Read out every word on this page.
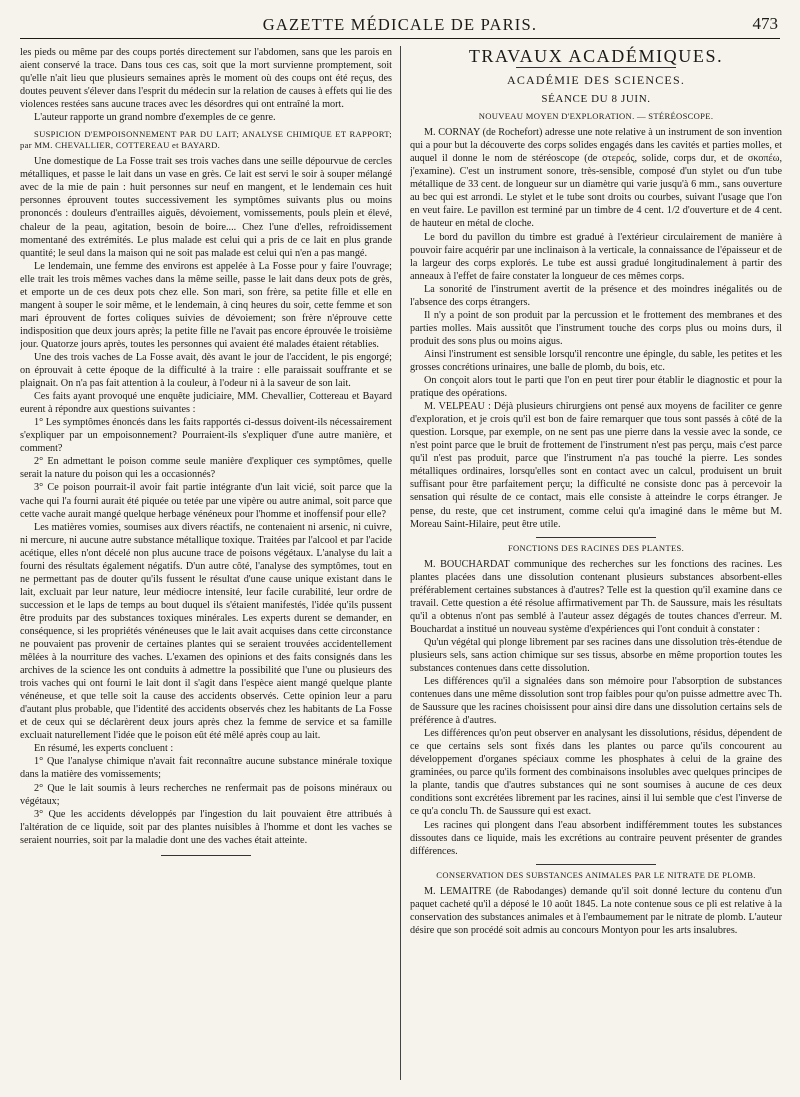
GAZETTE MÉDICALE DE PARIS.	473

les pieds ou même par des coups portés directement sur l'abdomen, sans que les parois en aient conservé la trace. Dans tous ces cas, soit que la mort survienne promptement, soit qu'elle n'ait lieu que plusieurs semaines après le moment où des coups ont été reçus, des doutes peuvent s'élever dans l'esprit du médecin sur la relation de causes à effets qui lie des violences restées sans aucune traces avec les désordres qui ont entraîné la mort.

L'auteur rapporte un grand nombre d'exemples de ce genre.

SUSPICION D'EMPOISONNEMENT PAR DU LAIT; ANALYSE CHIMIQUE ET RAPPORT; par MM. CHEVALLIER, COTTEREAU et BAYARD.

Une domestique de La Fosse trait ses trois vaches dans une seille dépourvue de cercles métalliques, et passe le lait dans un vase en grès. Ce lait est servi le soir à souper mélangé avec de la mie de pain : huit personnes sur neuf en mangent, et le lendemain ces huit personnes éprouvent toutes successivement les symptômes suivants plus ou moins prononcés : douleurs d'entrailles aiguës, dévoiement, vomissements, pouls plein et élevé, chaleur de la peau, agitation, besoin de boire.... Chez l'une d'elles, refroidissement momentané des extrémités. Le plus malade est celui qui a pris de ce lait en plus grande quantité; le seul dans la maison qui ne soit pas malade est celui qui n'en a pas mangé.

Le lendemain, une femme des environs est appelée à La Fosse pour y faire l'ouvrage; elle trait les trois mêmes vaches dans la même seille, passe le lait dans deux pots de grès, et emporte un de ces deux pots chez elle. Son mari, son frère, sa petite fille et elle en mangent à souper le soir même, et le lendemain, à cinq heures du soir, cette femme et son mari éprouvent de fortes coliques suivies de dévoiement; son frère n'éprouve cette indisposition que deux jours après; la petite fille ne l'avait pas encore éprouvée le troisième jour. Quatorze jours après, toutes les personnes qui avaient été malades étaient rétablies.

Une des trois vaches de La Fosse avait, dès avant le jour de l'accident, le pis engorgé; on éprouvait à cette époque de la difficulté à la traire : elle paraissait souffrante et se plaignait. On n'a pas fait attention à la couleur, à l'odeur ni à la saveur de son lait.

Ces faits ayant provoqué une enquête judiciaire, MM. Chevallier, Cottereau et Bayard eurent à répondre aux questions suivantes :

1° Les symptômes énoncés dans les faits rapportés ci-dessus doivent-ils nécessairement s'expliquer par un empoisonnement? Pourraient-ils s'expliquer d'une autre manière, et comment?

2° En admettant le poison comme seule manière d'expliquer ces symptômes, quelle serait la nature du poison qui les a occasionnés?

3° Ce poison pourrait-il avoir fait partie intégrante d'un lait vicié, soit parce que la vache qui l'a fourni aurait été piquée ou tetée par une vipère ou autre animal, soit parce que cette vache aurait mangé quelque herbage vénéneux pour l'homme et inoffensif pour elle?

Les matières vomies, soumises aux divers réactifs, ne contenaient ni arsenic, ni cuivre, ni mercure, ni aucune autre substance métallique toxique. Traitées par l'alcool et par l'acide acétique, elles n'ont décelé non plus aucune trace de poisons végétaux. L'analyse du lait a fourni des résultats également négatifs. D'un autre côté, l'analyse des symptômes, tout en ne permettant pas de douter qu'ils fussent le résultat d'une cause unique existant dans le lait, excluait par leur nature, leur médiocre intensité, leur facile curabilité, leur ordre de succession et le laps de temps au bout duquel ils s'étaient manifestés, l'idée qu'ils pussent être produits par des substances toxiques minérales. Les experts durent se demander, en conséquence, si les propriétés vénéneuses que le lait avait acquises dans cette circonstance ne pouvaient pas provenir de certaines plantes qui se seraient trouvées accidentellement mêlées à la nourriture des vaches. L'examen des opinions et des faits consignés dans les archives de la science les ont conduits à admettre la possibilité que l'une ou plusieurs des trois vaches qui ont fourni le lait dont il s'agit dans l'espèce aient mangé quelque plante vénéneuse, et que telle soit la cause des accidents observés. Cette opinion leur a paru d'autant plus probable, que l'identité des accidents observés chez les habitants de La Fosse et de ceux qui se déclarèrent deux jours après chez la femme de service et sa famille excluait naturellement l'idée que le poison eût été mêlé après coup au lait.

En résumé, les experts concluent :

1° Que l'analyse chimique n'avait fait reconnaître aucune substance minérale toxique dans la matière des vomissements;

2° Que le lait soumis à leurs recherches ne renfermait pas de poisons minéraux ou végétaux;

3° Que les accidents développés par l'ingestion du lait pouvaient être attribués à l'altération de ce liquide, soit par des plantes nuisibles à l'homme et dont les vaches se seraient nourries, soit par la maladie dont une des vaches était atteinte.

TRAVAUX ACADÉMIQUES.
ACADÉMIE DES SCIENCES.
SÉANCE DU 8 JUIN.
NOUVEAU MOYEN D'EXPLORATION. — STÉRÉOSCOPE.

M. CORNAY (de Rochefort) adresse une note relative à un instrument de son invention qui a pour but la découverte des corps solides engagés dans les cavités et parties molles, et auquel il donne le nom de stéréoscope (de στερεός, solide, corps dur, et de σκοπέω, j'examine). C'est un instrument sonore, très-sensible, composé d'un stylet ou d'un tube métallique de 33 cent. de longueur sur un diamètre qui varie jusqu'à 6 mm., sans ouverture au bec qui est arrondi. Le stylet et le tube sont droits ou courbes, suivant l'usage que l'on en veut faire. Le pavillon est terminé par un timbre de 4 cent. 1/2 d'ouverture et de 4 cent. de hauteur en métal de cloche.

Le bord du pavillon du timbre est gradué à l'extérieur circulairement de manière à pouvoir faire acquérir par une inclinaison à la verticale, la connaissance de l'épaisseur et de la largeur des corps explorés. Le tube est aussi gradué longitudinalement à partir des anneaux à l'effet de faire constater la longueur de ces mêmes corps.

La sonorité de l'instrument avertit de la présence et des moindres inégalités ou de l'absence des corps étrangers.

Il n'y a point de son produit par la percussion et le frottement des membranes et des parties molles. Mais aussitôt que l'instrument touche des corps plus ou moins durs, il produit des sons plus ou moins aigus.

Ainsi l'instrument est sensible lorsqu'il rencontre une épingle, du sable, les petites et les grosses concrétions urinaires, une balle de plomb, du bois, etc.

On conçoit alors tout le parti que l'on en peut tirer pour établir le diagnostic et pour la pratique des opérations.

M. VELPEAU : Déjà plusieurs chirurgiens ont pensé aux moyens de faciliter ce genre d'exploration, et je crois qu'il est bon de faire remarquer que tous sont passés à côté de la question. Lorsque, par exemple, on ne sent pas une pierre dans la vessie avec la sonde, ce n'est point parce que le bruit de frottement de l'instrument n'est pas perçu, mais c'est parce qu'il n'est pas produit, parce que l'instrument n'a pas touché la pierre. Les sondes métalliques ordinaires, lorsqu'elles sont en contact avec un calcul, produisent un bruit suffisant pour être parfaitement perçu; la difficulté ne consiste donc pas à percevoir la sensation qui résulte de ce contact, mais elle consiste à atteindre le corps étranger. Je pense, du reste, que cet instrument, comme celui qu'a imaginé dans le même but M. Moreau Saint-Hilaire, peut être utile.

FONCTIONS DES RACINES DES PLANTES.

M. BOUCHARDAT communique des recherches sur les fonctions des racines. Les plantes placées dans une dissolution contenant plusieurs substances absorbent-elles préférablement certaines substances à d'autres? Telle est la question qu'il examine dans ce travail. Cette question a été résolue affirmativement par Th. de Saussure, mais les résultats qu'il a obtenus n'ont pas semblé à l'auteur assez dégagés de toutes chances d'erreur. M. Bouchardat a institué un nouveau système d'expériences qui l'ont conduit à constater :

Qu'un végétal qui plonge librement par ses racines dans une dissolution très-étendue de plusieurs sels, sans action chimique sur ses tissus, absorbe en même proportion toutes les substances contenues dans cette dissolution.

Les différences qu'il a signalées dans son mémoire pour l'absorption de substances contenues dans une même dissolution sont trop faibles pour qu'on puisse admettre avec Th. de Saussure que les racines choisissent pour ainsi dire dans une dissolution certains sels de préférence à d'autres.

Les différences qu'on peut observer en analysant les dissolutions, résidus, dépendent de ce que certains sels sont fixés dans les plantes ou parce qu'ils concourent au développement d'organes spéciaux comme les phosphates à celui de la graine des graminées, ou parce qu'ils forment des combinaisons insolubles avec quelques principes de la plante, tandis que d'autres substances qui ne sont soumises à aucune de ces deux conditions sont excrétées librement par les racines, ainsi il lui semble que c'est l'inverse de ce qu'a conclu Th. de Saussure qui est exact.

Les racines qui plongent dans l'eau absorbent indifféremment toutes les substances dissoutes dans ce liquide, mais les excrétions au contraire peuvent présenter de grandes différences.

CONSERVATION DES SUBSTANCES ANIMALES PAR LE NITRATE DE PLOMB.

M. LEMAITRE (de Rabodanges) demande qu'il soit donné lecture du contenu d'un paquet cacheté qu'il a déposé le 10 août 1845. La note contenue sous ce pli est relative à la conservation des substances animales et à l'embaumement par le nitrate de plomb. L'auteur désire que son procédé soit admis au concours Montyon pour les arts insalubres.
